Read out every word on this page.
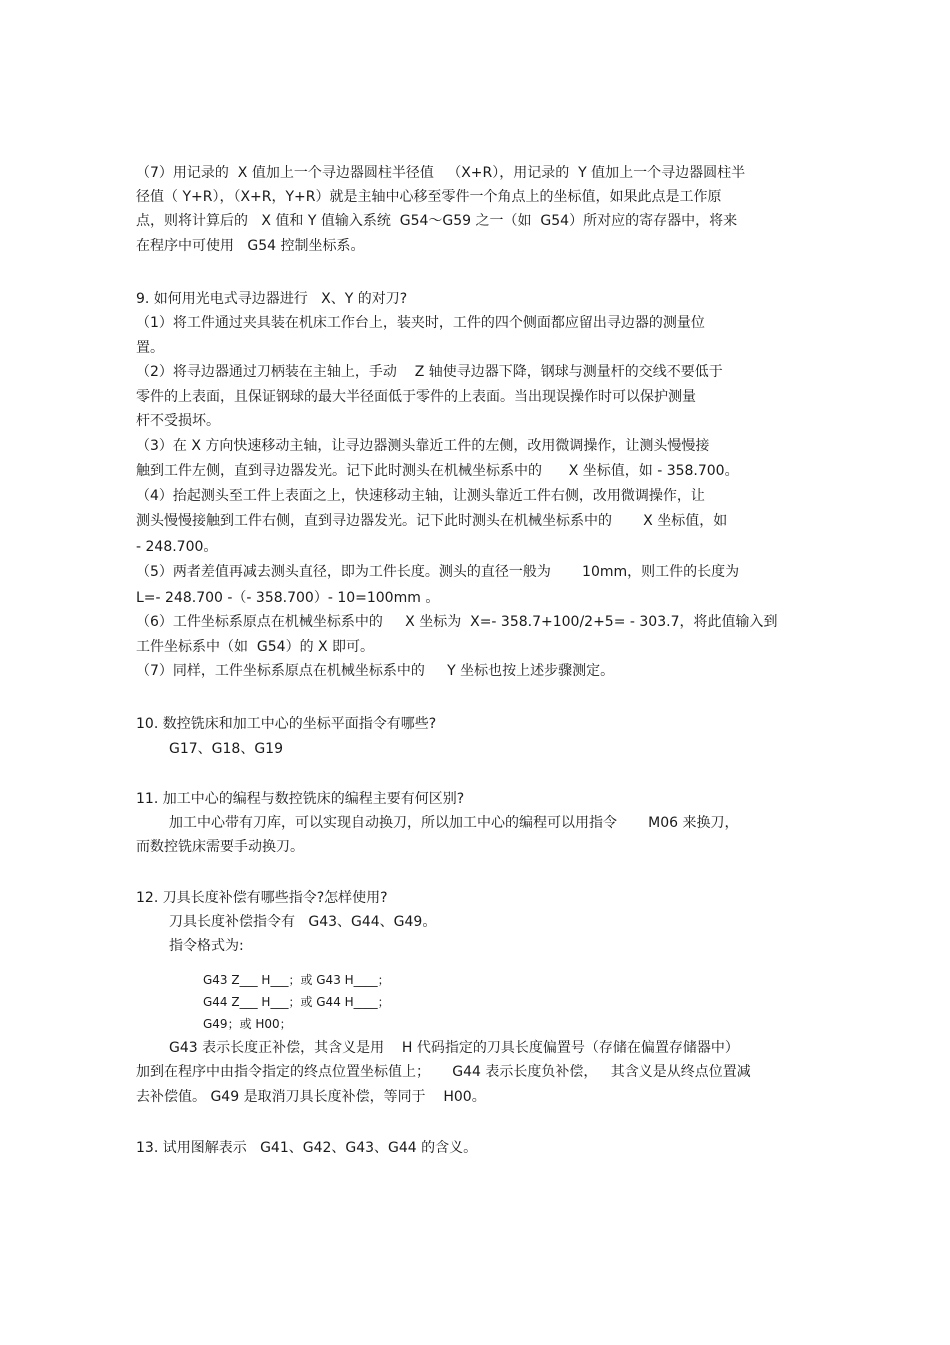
（7）用记录的  X 值加上一个寻边器圆柱半径值   （X+R），用记录的  Y 值加上一个寻边器圆柱半
径值（ Y+R），（X+R，Y+R）就是主轴中心移至零件一个角点上的坐标值，如果此点是工作原
点，则将计算后的   X 值和 Y 值输入系统  G54～G59 之一（如  G54）所对应的寄存器中，将来
在程序中可使用   G54 控制坐标系。
9. 如何用光电式寻边器进行   X、Y 的对刀?
（1）将工件通过夹具装在机床工作台上，装夹时，工件的四个侧面都应留出寻边器的测量位
置。
（2）将寻边器通过刀柄装在主轴上，手动    Z 轴使寻边器下降，钢球与测量杆的交线不要低于
零件的上表面，且保证钢球的最大半径面低于零件的上表面。当出现误操作时可以保护测量
杆不受损坏。
（3）在 X 方向快速移动主轴，让寻边器测头靠近工件的左侧，改用微调操作，让测头慢慢接
触到工件左侧，直到寻边器发光。记下此时测头在机械坐标系中的      X 坐标值，如 - 358.700。
（4）抬起测头至工件上表面之上，快速移动主轴，让测头靠近工件右侧，改用微调操作，让
测头慢慢接触到工件右侧，直到寻边器发光。记下此时测头在机械坐标系中的       X 坐标值，如
- 248.700。
（5）两者差值再减去测头直径，即为工件长度。测头的直径一般为       10mm，则工件的长度为
L=- 248.700 -（- 358.700）- 10=100mm 。
（6）工件坐标系原点在机械坐标系中的     X 坐标为  X=- 358.7+100/2+5= - 303.7，将此值输入到
工件坐标系中（如  G54）的 X 即可。
（7）同样，工件坐标系原点在机械坐标系中的     Y 坐标也按上述步骤测定。
10. 数控铣床和加工中心的坐标平面指令有哪些?
G17、G18、G19
11. 加工中心的编程与数控铣床的编程主要有何区别?
加工中心带有刀库，可以实现自动换刀，所以加工中心的编程可以用指令       M06 来换刀，
而数控铣床需要手动换刀。
12. 刀具长度补偿有哪些指令?怎样使用?
刀具长度补偿指令有   G43、G44、G49。
指令格式为:
G43 Z___ H___；或 G43 H____；
G44 Z___ H___；或 G44 H____；
G49；或 H00；
G43 表示长度正补偿，其含义是用    H 代码指定的刀具长度偏置号（存储在偏置存储器中）
加到在程序中由指令指定的终点位置坐标值上；     G44 表示长度负补偿，   其含义是从终点位置减
去补偿值。 G49 是取消刀具长度补偿，等同于    H00。
13. 试用图解表示   G41、G42、G43、G44 的含义。
